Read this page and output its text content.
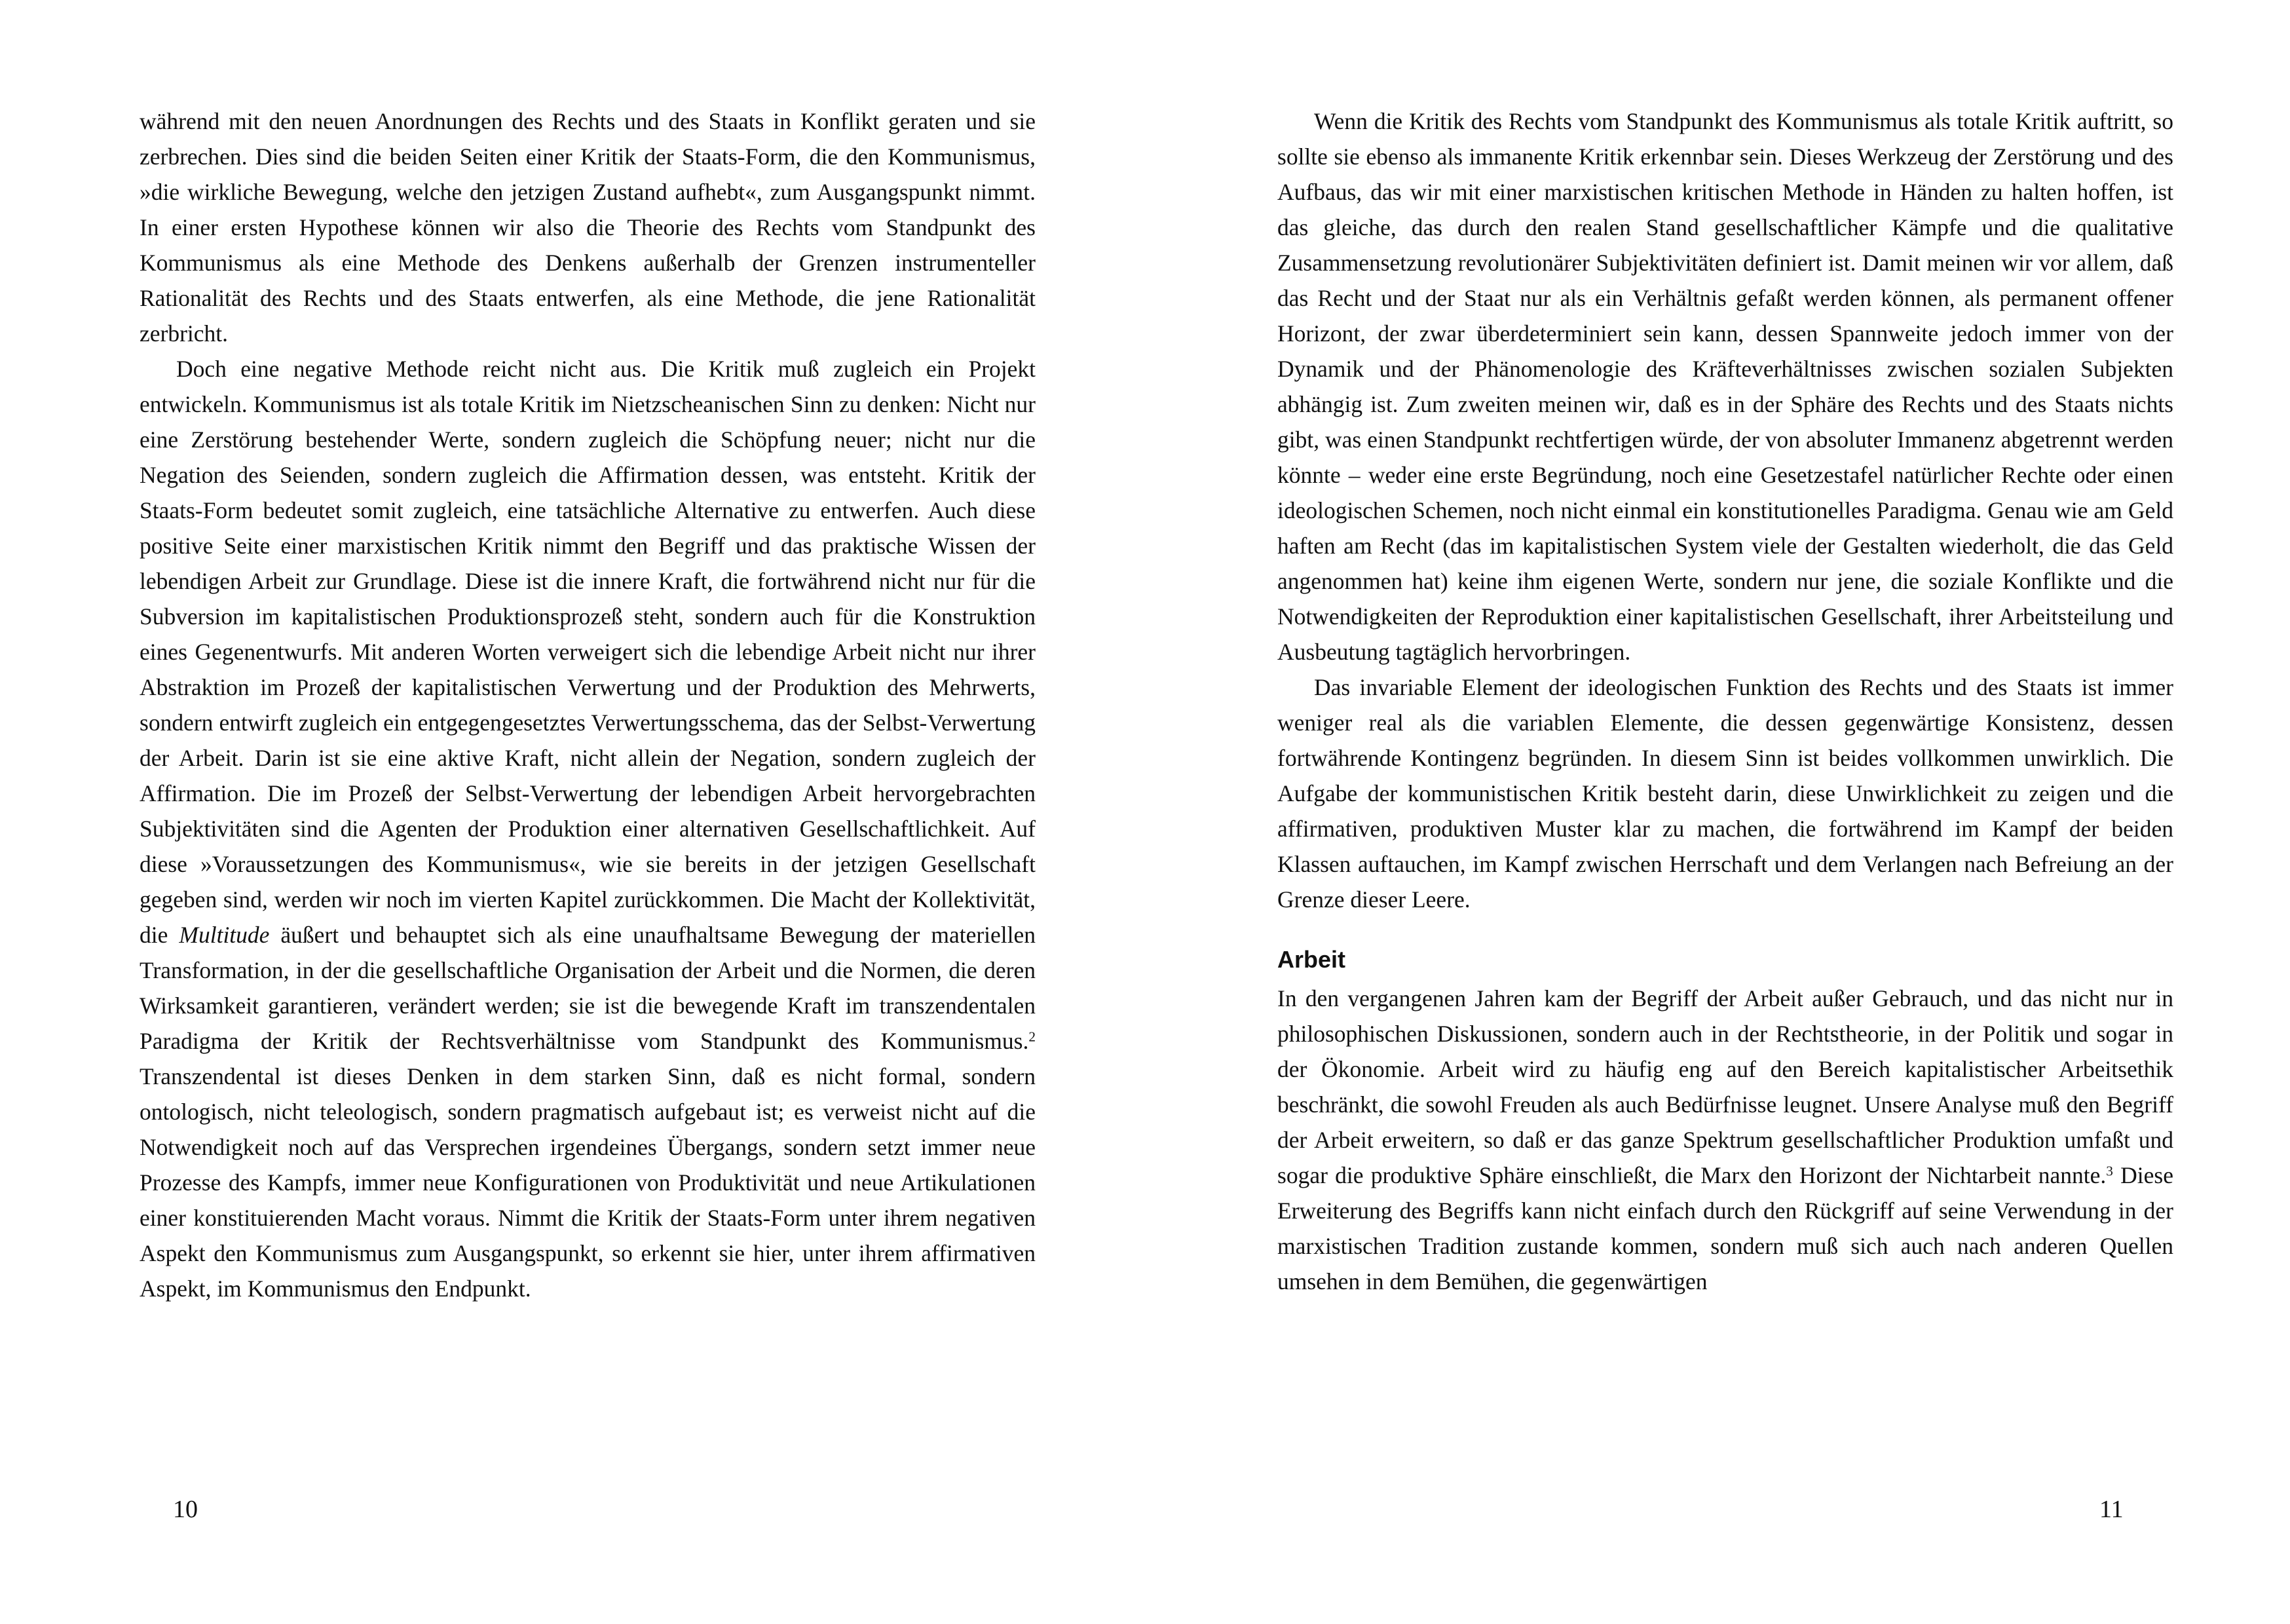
während mit den neuen Anordnungen des Rechts und des Staats in Konflikt geraten und sie zerbrechen. Dies sind die beiden Seiten einer Kritik der Staats-Form, die den Kommunismus, »die wirkliche Bewegung, welche den jetzigen Zustand aufhebt«, zum Ausgangspunkt nimmt. In einer ersten Hypothese können wir also die Theorie des Rechts vom Standpunkt des Kommunismus als eine Methode des Denkens außerhalb der Grenzen instrumenteller Rationalität des Rechts und des Staats entwerfen, als eine Methode, die jene Rationalität zerbricht.

Doch eine negative Methode reicht nicht aus. Die Kritik muß zugleich ein Projekt entwickeln. Kommunismus ist als totale Kritik im Nietzscheanischen Sinn zu denken: Nicht nur eine Zerstörung bestehender Werte, sondern zugleich die Schöpfung neuer; nicht nur die Negation des Seienden, sondern zugleich die Affirmation dessen, was entsteht. Kritik der Staats-Form bedeutet somit zugleich, eine tatsächliche Alternative zu entwerfen. Auch diese positive Seite einer marxistischen Kritik nimmt den Begriff und das praktische Wissen der lebendigen Arbeit zur Grundlage. Diese ist die innere Kraft, die fortwährend nicht nur für die Subversion im kapitalistischen Produktionsprozeß steht, sondern auch für die Konstruktion eines Gegenentwurfs. Mit anderen Worten verweigert sich die lebendige Arbeit nicht nur ihrer Abstraktion im Prozeß der kapitalistischen Verwertung und der Produktion des Mehrwerts, sondern entwirft zugleich ein entgegengesetztes Verwertungsschema, das der Selbst-Verwertung der Arbeit. Darin ist sie eine aktive Kraft, nicht allein der Negation, sondern zugleich der Affirmation. Die im Prozeß der Selbst-Verwertung der lebendigen Arbeit hervorgebrachten Subjektivitäten sind die Agenten der Produktion einer alternativen Gesellschaftlichkeit. Auf diese »Voraussetzungen des Kommunismus«, wie sie bereits in der jetzigen Gesellschaft gegeben sind, werden wir noch im vierten Kapitel zurückkommen. Die Macht der Kollektivität, die Multitude äußert und behauptet sich als eine unaufhaltsame Bewegung der materiellen Transformation, in der die gesellschaftliche Organisation der Arbeit und die Normen, die deren Wirksamkeit garantieren, verändert werden; sie ist die bewegende Kraft im transzendentalen Paradigma der Kritik der Rechtsverhältnisse vom Standpunkt des Kommunismus.$^2$ Transzendental ist dieses Denken in dem starken Sinn, daß es nicht formal, sondern ontologisch, nicht teleologisch, sondern pragmatisch aufgebaut ist; es verweist nicht auf die Notwendigkeit noch auf das Versprechen irgendeines Übergangs, sondern setzt immer neue Prozesse des Kampfs, immer neue Konfigurationen von Produktivität und neue Artikulationen einer konstituierenden Macht voraus. Nimmt die Kritik der Staats-Form unter ihrem negativen Aspekt den Kommunismus zum Ausgangspunkt, so erkennt sie hier, unter ihrem affirmativen Aspekt, im Kommunismus den Endpunkt.

10

Wenn die Kritik des Rechts vom Standpunkt des Kommunismus als totale Kritik auftritt, so sollte sie ebenso als immanente Kritik erkennbar sein. Dieses Werkzeug der Zerstörung und des Aufbaus, das wir mit einer marxistischen kritischen Methode in Händen zu halten hoffen, ist das gleiche, das durch den realen Stand gesellschaftlicher Kämpfe und die qualitative Zusammensetzung revolutionärer Subjektivitäten definiert ist. Damit meinen wir vor allem, daß das Recht und der Staat nur als ein Verhältnis gefaßt werden können, als permanent offener Horizont, der zwar überdeterminiert sein kann, dessen Spannweite jedoch immer von der Dynamik und der Phänomenologie des Kräfteverhältnisses zwischen sozialen Subjekten abhängig ist. Zum zweiten meinen wir, daß es in der Sphäre des Rechts und des Staats nichts gibt, was einen Standpunkt rechtfertigen würde, der von absoluter Immanenz abgetrennt werden könnte – weder eine erste Begründung, noch eine Gesetzestafel natürlicher Rechte oder einen ideologischen Schemen, noch nicht einmal ein konstitutionelles Paradigma. Genau wie am Geld haften am Recht (das im kapitalistischen System viele der Gestalten wiederholt, die das Geld angenommen hat) keine ihm eigenen Werte, sondern nur jene, die soziale Konflikte und die Notwendigkeiten der Reproduktion einer kapitalistischen Gesellschaft, ihrer Arbeitsteilung und Ausbeutung tagtäglich hervorbringen.

Das invariable Element der ideologischen Funktion des Rechts und des Staats ist immer weniger real als die variablen Elemente, die dessen gegenwärtige Konsistenz, dessen fortwährende Kontingenz begründen. In diesem Sinn ist beides vollkommen unwirklich. Die Aufgabe der kommunistischen Kritik besteht darin, diese Unwirklichkeit zu zeigen und die affirmativen, produktiven Muster klar zu machen, die fortwährend im Kampf der beiden Klassen auftauchen, im Kampf zwischen Herrschaft und dem Verlangen nach Befreiung an der Grenze dieser Leere.

Arbeit

In den vergangenen Jahren kam der Begriff der Arbeit außer Gebrauch, und das nicht nur in philosophischen Diskussionen, sondern auch in der Rechtstheorie, in der Politik und sogar in der Ökonomie. Arbeit wird zu häufig eng auf den Bereich kapitalistischer Arbeitsethik beschränkt, die sowohl Freuden als auch Bedürfnisse leugnet. Unsere Analyse muß den Begriff der Arbeit erweitern, so daß er das ganze Spektrum gesellschaftlicher Produktion umfaßt und sogar die produktive Sphäre einschließt, die Marx den Horizont der Nichtarbeit nannte.$^3$ Diese Erweiterung des Begriffs kann nicht einfach durch den Rückgriff auf seine Verwendung in der marxistischen Tradition zustande kommen, sondern muß sich auch nach anderen Quellen umsehen in dem Bemühen, die gegenwärtigen

11
